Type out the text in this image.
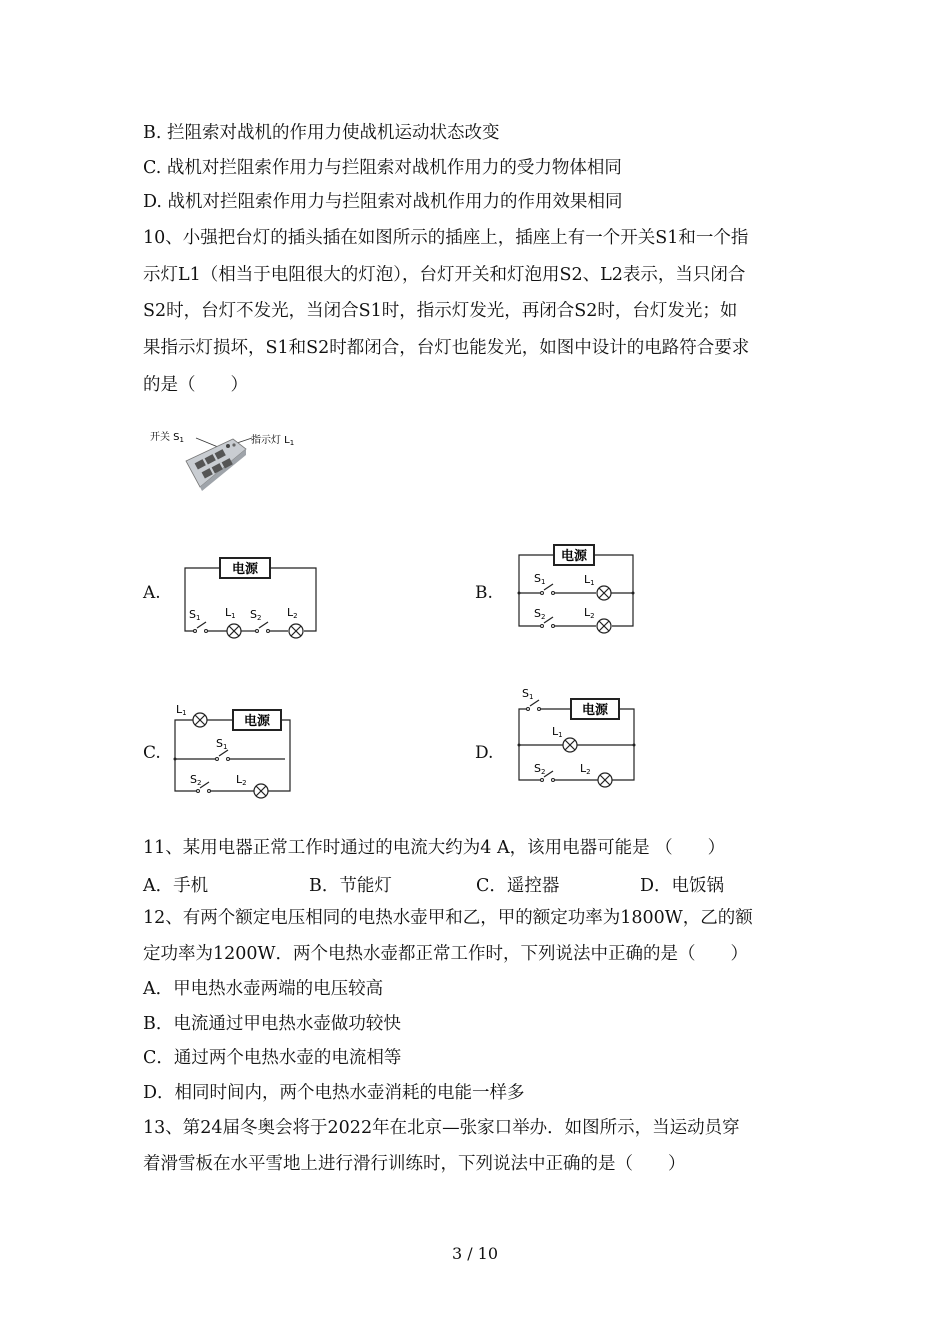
B. 拦阻索对战机的作用力使战机运动状态改变
C. 战机对拦阻索作用力与拦阻索对战机作用力的受力物体相同
D. 战机对拦阻索作用力与拦阻索对战机作用力的作用效果相同
10、小强把台灯的插头插在如图所示的插座上，插座上有一个开关S1和一个指
示灯L1（相当于电阻很大的灯泡），台灯开关和灯泡用S2、L2表示，当只闭合
S2时，台灯不发光，当闭合S1时，指示灯发光，再闭合S2时，台灯发光；如
果指示灯损坏，S1和S2时都闭合，台灯也能发光，如图中设计的电路符合要求
的是（　　）
开关 $S_1$	指示灯 $L_1$
A.
电源
S1 L1 S2 L2
B.
电源
S1	L1
S2	L2
C.
电源
L1
S1
S2	L2
D.
电源
S1
L1
S2	L2
11、某用电器正常工作时通过的电流大约为4 A，该用电器可能是 （　　）
A．手机	B．节能灯	C．遥控器	D．电饭锅
12、有两个额定电压相同的电热水壶甲和乙，甲的额定功率为1800W，乙的额
定功率为1200W．两个电热水壶都正常工作时，下列说法中正确的是（　　）
A．甲电热水壶两端的电压较高
B．电流通过甲电热水壶做功较快
C．通过两个电热水壶的电流相等
D．相同时间内，两个电热水壶消耗的电能一样多
13、第24届冬奥会将于2022年在北京—张家口举办．如图所示，当运动员穿
着滑雪板在水平雪地上进行滑行训练时，下列说法中正确的是（　　）
3 / 10
